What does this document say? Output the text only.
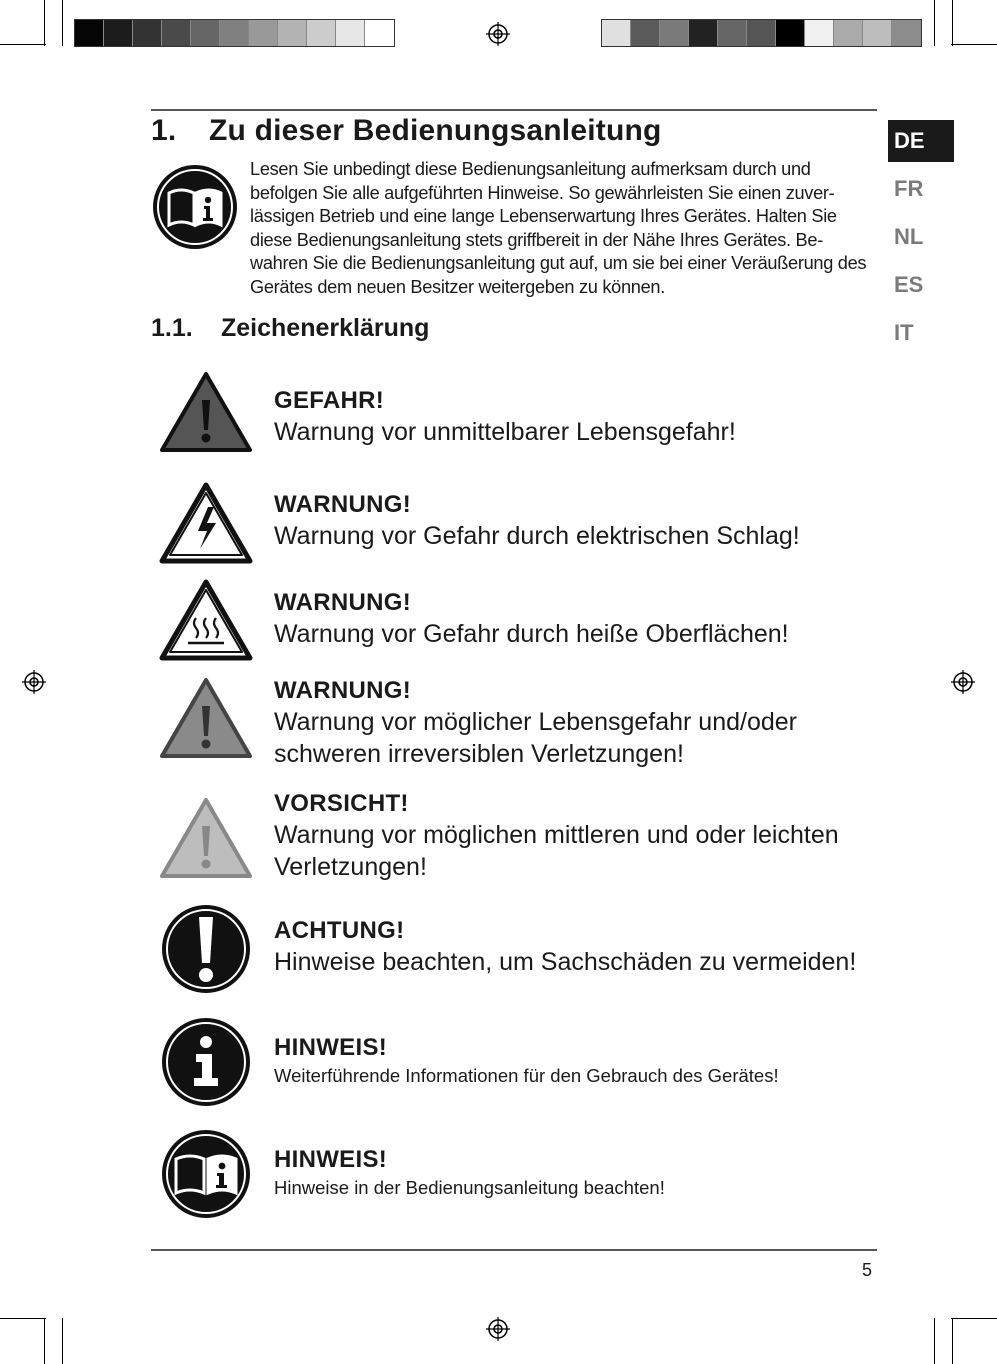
1. Zu dieser Bedienungsanleitung
Lesen Sie unbedingt diese Bedienungsanleitung aufmerksam durch und befolgen Sie alle aufgeführten Hinweise. So gewährleisten Sie einen zuverlässigen Betrieb und eine lange Lebenserwartung Ihres Gerätes. Halten Sie diese Bedienungsanleitung stets griffbereit in der Nähe Ihres Gerätes. Bewahren Sie die Bedienungsanleitung gut auf, um sie bei einer Veräußerung des Gerätes dem neuen Besitzer weitergeben zu können.
1.1. Zeichenerklärung
DE
FR
NL
ES
IT
GEFAHR!
Warnung vor unmittelbarer Lebensgefahr!
WARNUNG!
Warnung vor Gefahr durch elektrischen Schlag!
WARNUNG!
Warnung vor Gefahr durch heiße Oberflächen!
WARNUNG!
Warnung vor möglicher Lebensgefahr und/oder schweren irreversiblen Verletzungen!
VORSICHT!
Warnung vor möglichen mittleren und oder leichten Verletzungen!
ACHTUNG!
Hinweise beachten, um Sachschäden zu vermeiden!
HINWEIS!
Weiterführende Informationen für den Gebrauch des Gerätes!
HINWEIS!
Hinweise in der Bedienungsanleitung beachten!
5
